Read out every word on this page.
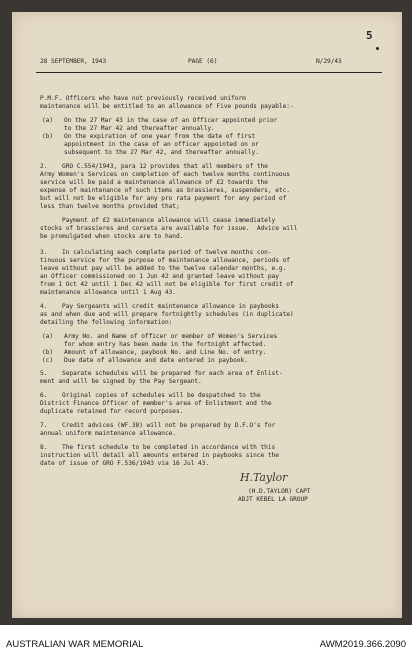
28 SEPTEMBER, 1943	PAGE (6)	N/29/43
5
P.M.F. Officers who have not previously received uniform
maintenance will be entitled to an allowance of Five pounds payable:-
(a)   On the 27 Mar 43 in the case of an Officer appointed prior
to the 27 Mar 42 and thereafter annually.
(b)   On the expiration of one year from the date of first
appointment in the case of an officer appointed on or
subsequent to the 27 Mar 42, and thereafter annually.
2.    GRO C.554/1943, para 12 provides that all members of the
Army Women's Services on completion of each twelve months continuous
service will be paid a maintenance allowance of £2 towards the
expense of maintenance of such items as brassieres, suspenders, etc.
but will not be eligible for any pro rata payment for any period of
less than twelve months provided that;
Payment of £2 maintenance allowance will cease immediately
stocks of brassieres and corsets are available for issue.  Advice will
be promulgated when stocks are to hand.
3.    In calculating each complete period of twelve months con-
tinuous service for the purpose of maintenance allowance, periods of
leave without pay will be added to the twelve calendar months, e.g.
an Officer commissioned on 1 Jun 42 and granted leave without pay
from 1 Oct 42 until 1 Dec 42 will not be eligible for first credit of
maintenance allowance until 1 Aug 43.
4.    Pay Sergeants will credit maintenance allowance in paybooks
as and when due and will prepare fortnightly schedules (in duplicate)
detailing the following information:
(a)   Army No. and Name of officer or member of Women's Services
for whom entry has been made in the fortnight affected.
(b)   Amount of allowance, paybook No. and Line No. of entry.
(c)   Due date of allowance and date entered in paybook.
5.    Separate schedules will be prepared for each area of Enlist-
ment and will be signed by the Pay Sergeant.
6.    Original copies of schedules will be despatched to the
District Finance Officer of member's area of Enlistment and the
duplicate retained for record purposes.
7.    Credit advices (WF.38) will not be prepared by D.F.O's for
annual uniform maintenance allowance.
8.    The first schedule to be completed in accordance with this
instruction will detail all amounts entered in paybooks since the
date of issue of GRO F.536/1943 via 16 Jul 43.
H.Taylor
(H.D.TAYLOR) CAPT
ADJT KEBEL LA GROUP
AUSTRALIAN WAR MEMORIAL	AWM2019.366.2090
